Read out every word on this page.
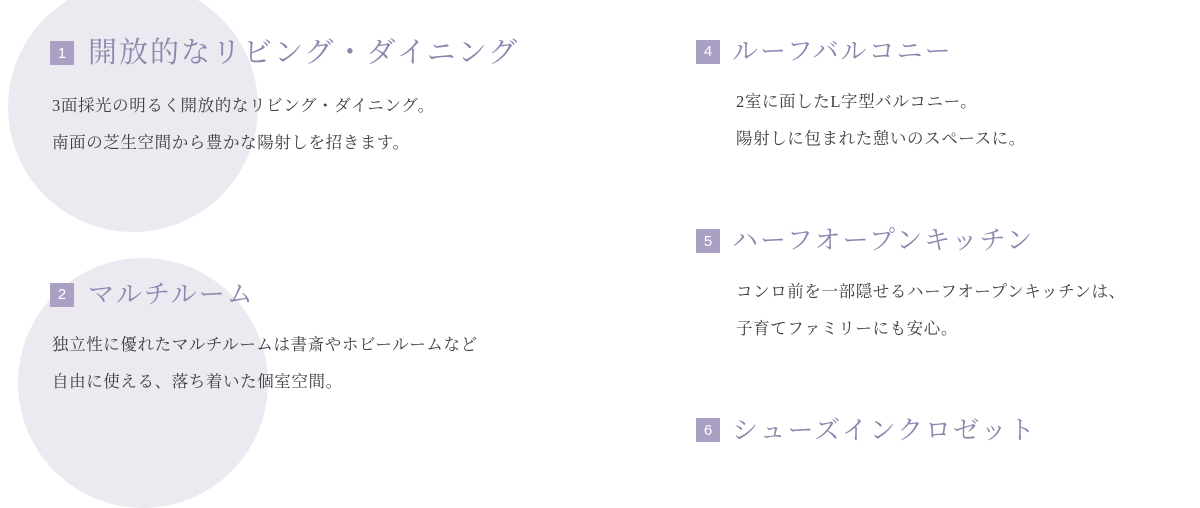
1 開放的なリビング・ダイニング
3面採光の明るく開放的なリビング・ダイニング。
南面の芝生空間から豊かな陽射しを招きます。
2 マルチルーム
独立性に優れたマルチルームは書斎やホビールームなど
自由に使える、落ち着いた個室空間。
4 ルーフバルコニー
2室に面したL字型バルコニー。
陽射しに包まれた憩いのスペースに。
5 ハーフオープンキッチン
コンロ前を一部隠せるハーフオープンキッチンは、
子育てファミリーにも安心。
6 シューズインクロゼット
